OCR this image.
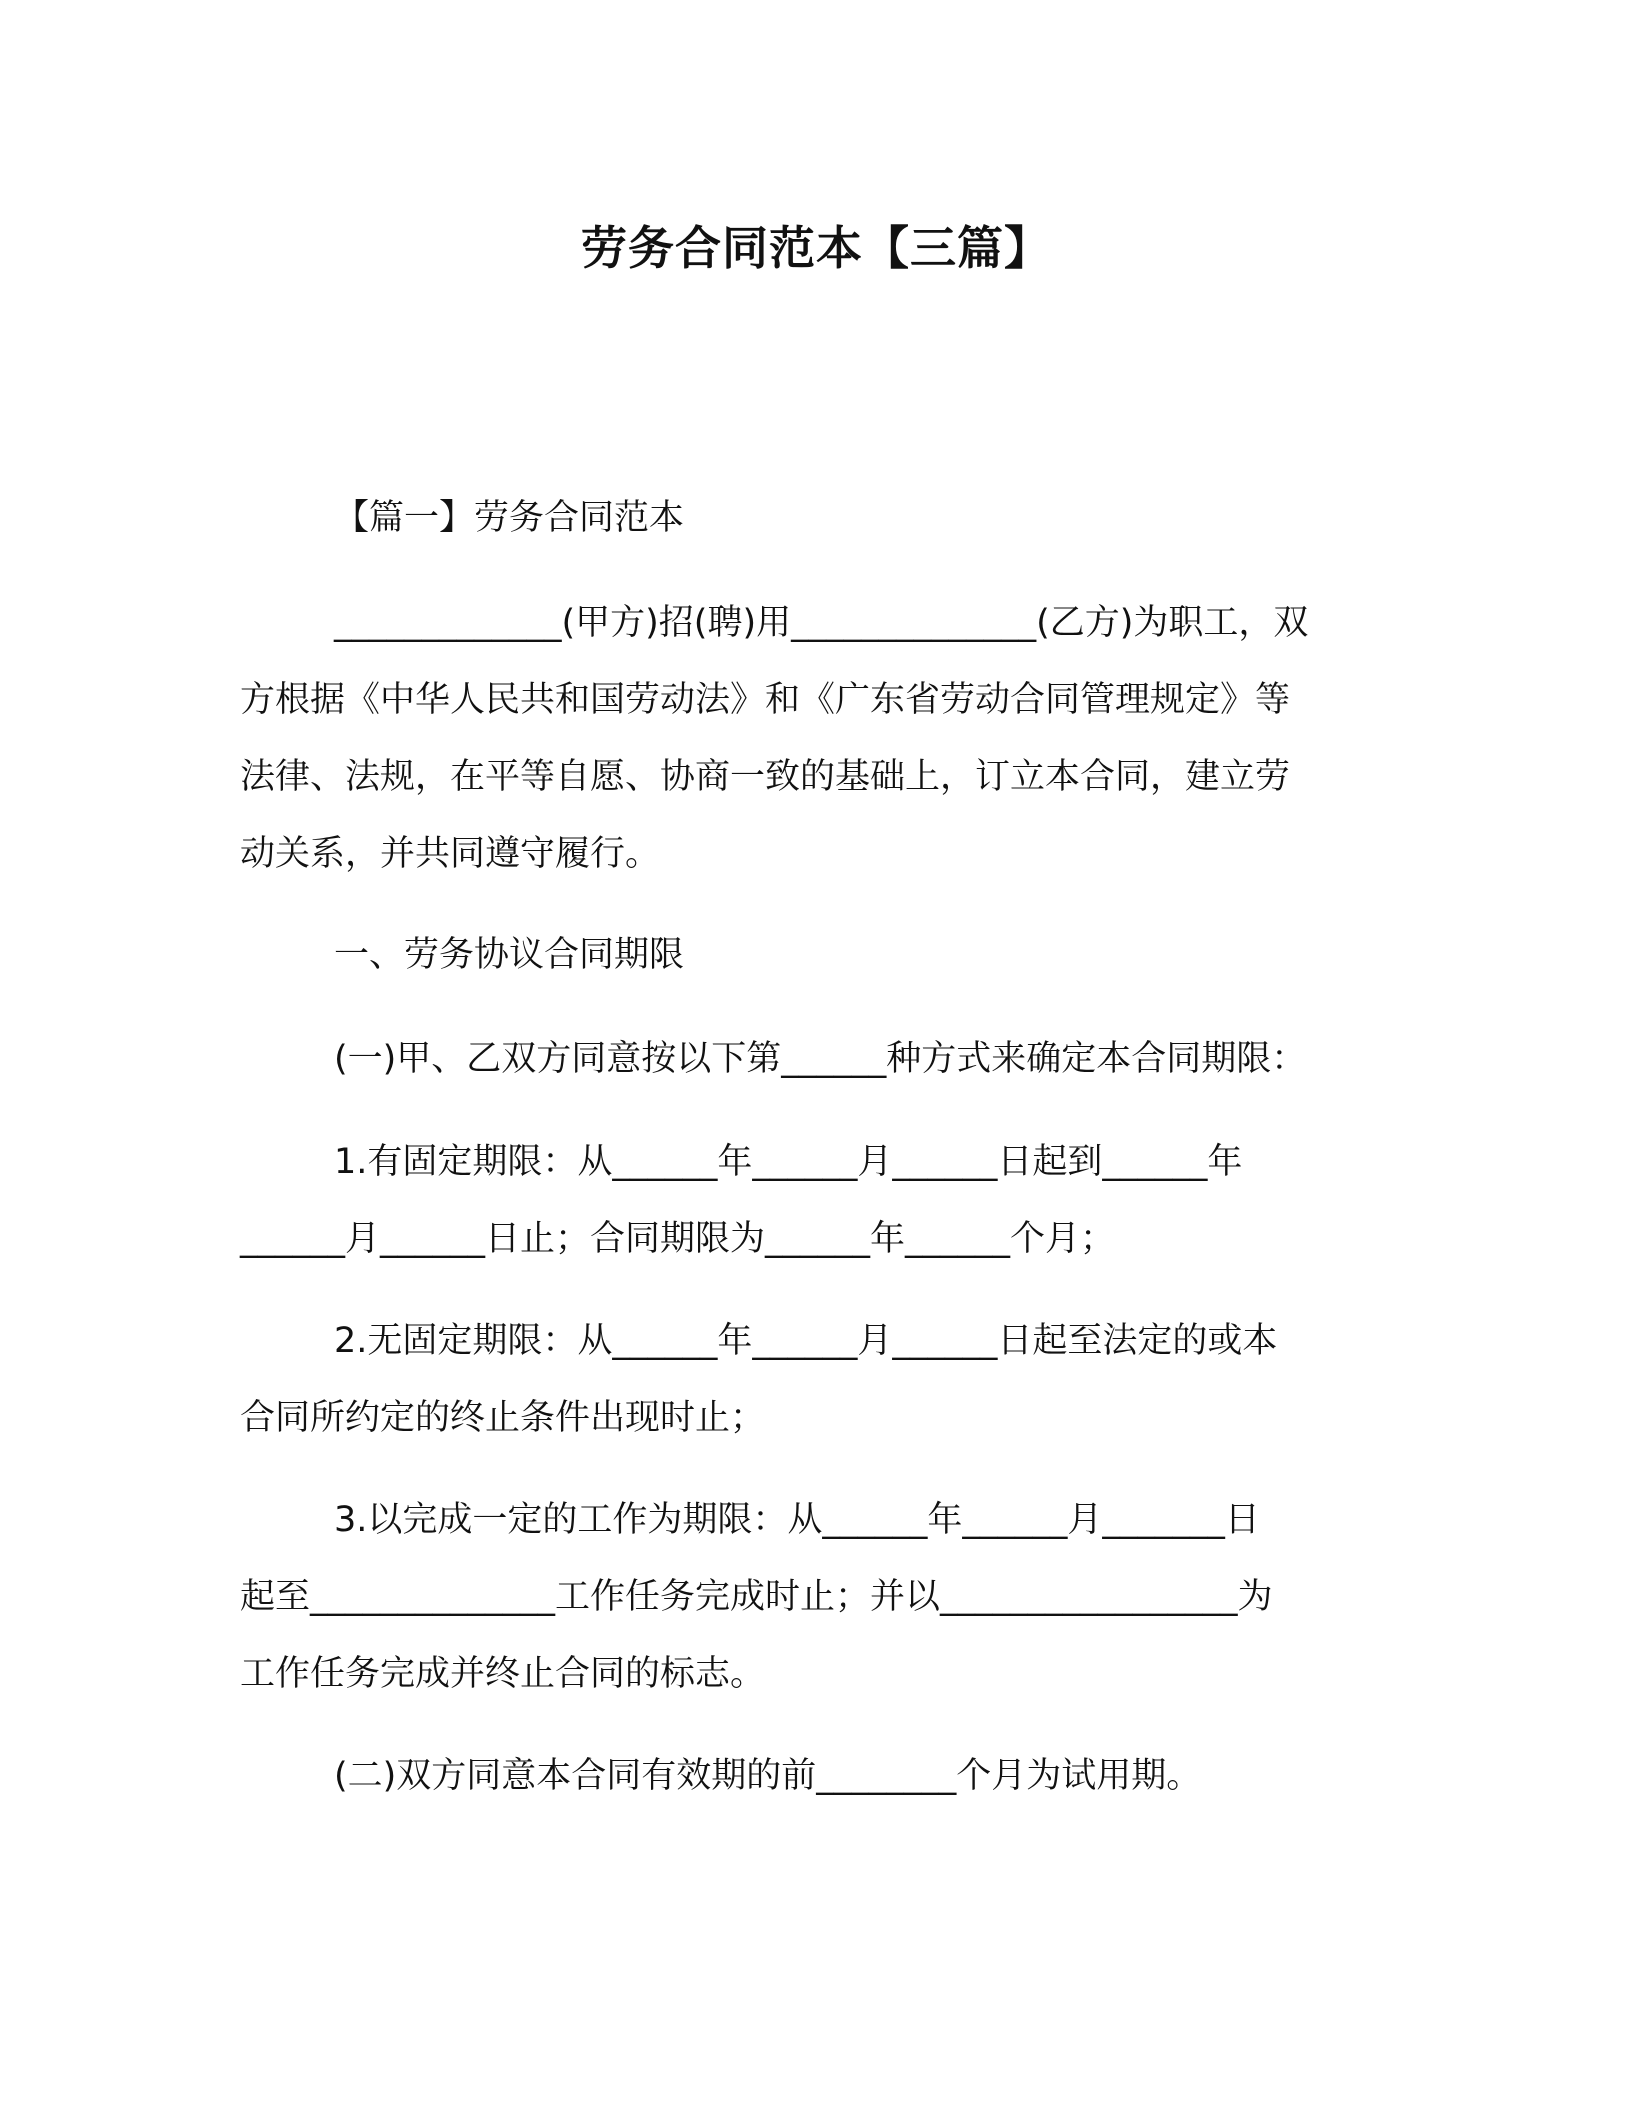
劳务合同范本【三篇】

【篇一】劳务合同范本

_____________(甲方)招(聘)用______________(乙方)为职工，双
方根据《中华人民共和国劳动法》和《广东省劳动合同管理规定》等
法律、法规，在平等自愿、协商一致的基础上，订立本合同，建立劳
动关系，并共同遵守履行。

一、劳务协议合同期限

(一)甲、乙双方同意按以下第______种方式来确定本合同期限：

1.有固定期限：从______年______月______日起到______年
______月______日止；合同期限为______年______个月；

2.无固定期限：从______年______月______日起至法定的或本
合同所约定的终止条件出现时止；

3.以完成一定的工作为期限：从______年______月_______日
起至______________工作任务完成时止；并以_________________为
工作任务完成并终止合同的标志。

(二)双方同意本合同有效期的前________个月为试用期。
